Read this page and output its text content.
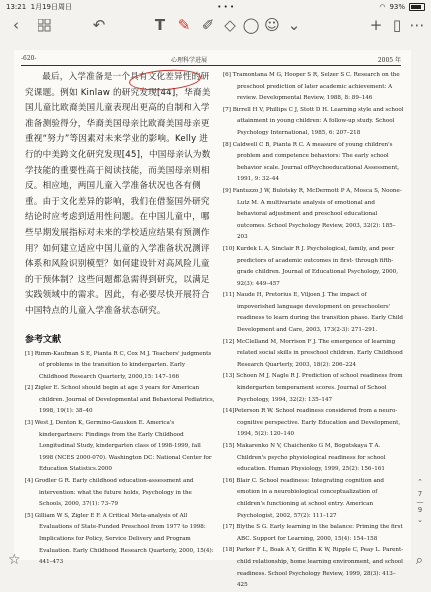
13:21 1月19日周日	• • •	◠ 93%
‹	↶	T ✎ ✐ ◇ ◯ ☺ ⌄	+ ▯ ⋯
-620-	心理科学进展	2005 年

最后，入学准备是一个具有文化差异性的研究课题。例如 Kinlaw 的研究发现[44]，华裔美国儿童比欧裔美国儿童表现出更高的自制和入学准备测验得分，华裔美国母亲比欧裔美国母亲更重视“努力”等因素对未来学业的影响。Kelly 进行的中美跨文化研究发现[45]，中国母亲认为数学技能的重要性高于阅读技能，而美国母亲则相反。相应地，两国儿童入学准备状况也各有侧重。由于文化差异的影响，我们在借鉴国外研究结论时应考虑到适用性问题。在中国儿童中，哪些早期发展指标对未来的学校适应结果有预测作用？如何建立适应中国儿童的入学准备状况测评体系和风险识别模型？如何建设针对高风险儿童的干预体制？这些问题都急需得到研究，以满足实践领域中的需求。因此，有必要尽快开展符合中国特点的儿童入学准备状态研究。

参考文献

[1] Rimm-Kaufman S E, Pianta R C, Cox M J. Teachers' judgments of problems in the transition to kindergarten. Early Childhood Research Quarterly, 2000,15: 147–166

[2] Zigler E. School should begin at age 3 years for American children. Journal of Developmental and Behavioral Pediatrics, 1998, 19(1): 38–40

[3] West J, Denton K, Germino-Gausken E. America's kindergartners: Findings from the Early Childhood Longitudinal Study, kindergarten class of 1998-1999, fall 1998 (NCES 2000-070). Washington DC: National Center for Education Statistics.2000

[4] Grodler G R. Early childhood education-assessment and intervention: what the future holds, Psychology in the Schools, 2000, 37(1): 73–79

[5] Gilliam W S, Zigler E F. A Critical Meta-analysis of All Evaluations of State-Funded Preschool from 1977 to 1998: Implications for Policy, Service Delivery and Program Evaluation. Early Childhood Research Quarterly, 2000, 15(4): 441–473

[6] Tramontana M G, Hooper S R, Selzer S C. Research on the preschool prediction of later academic achievement: A review. Developmental Review, 1988, 8: 89–146

[7] Birrell H V, Phillips C J, Stott D H. Learning style and school attainment in young children: A follow-up study. School Psychology International, 1985, 6: 207–218

[8] Caldwell C B, Pianta R C. A measure of young children's problem and competence behaviors: The early school behavior scale. Journal ofPsychoeducational Assessment, 1991, 9: 32–44

[9] Fantuzzo J W, Bulotsky R, McDermott P A, Mosca S, Noone-Lutz M. A multivariate analysis of emotional and behavioral adjustment and preschool educational outcomes. School Psychology Review, 2003, 32(2): 185–203

[10] Kurdek L A, Sinclair R J. Psychological, family, and peer predictors of academic outcomes in first- through fifth-grade children. Journal of Educational Psychology, 2000, 92(3): 449–457

[11] Naude H, Pretorius E, Viljoen J. The impact of impoverished language development on preschoolers' readiness to learn during the transition phase. Early Child Development and Care, 2003, 173(2-3): 271–291.

[12] McClelland M, Morrison F J. The emergence of learning related social skills in preschool children. Early Childhood Research Quarterly, 2003, 18(2): 206–224

[13] Schoen M J, Nagle R J. Prediction of school readiness from kindergarten temperament scores. Journal of School Psychology, 1994, 32(2): 135–147

[14]Peterson R W. School readiness considered from a neuro-cognitive perspective. Early Education and Development, 1994, 5(2): 120–140

[15] Makarenko N V, Chaichenko G M, Bogutskaya T A. Children's psycho physiological readiness for school education. Human Physiology, 1999, 25(2): 156–161

[16] Blair C. School readiness: Integrating cognition and emotion in a neurobiological conceptualization of children's functioning at school entry. American Psychologist, 2002, 57(2): 111–127

[17] Blythe S G. Early learning in the balance: Priming the first ABC. Support for Learning, 2000, 15(4): 154–158

[18] Parker F L, Boak A Y, Griffin K W, Ripple C, Peay L. Parent-child relationship, home learning environment, and school readiness. School Psychology Review, 1999, 28(3): 413–425

⌃
7
—
9
⌄
☆	⌕
